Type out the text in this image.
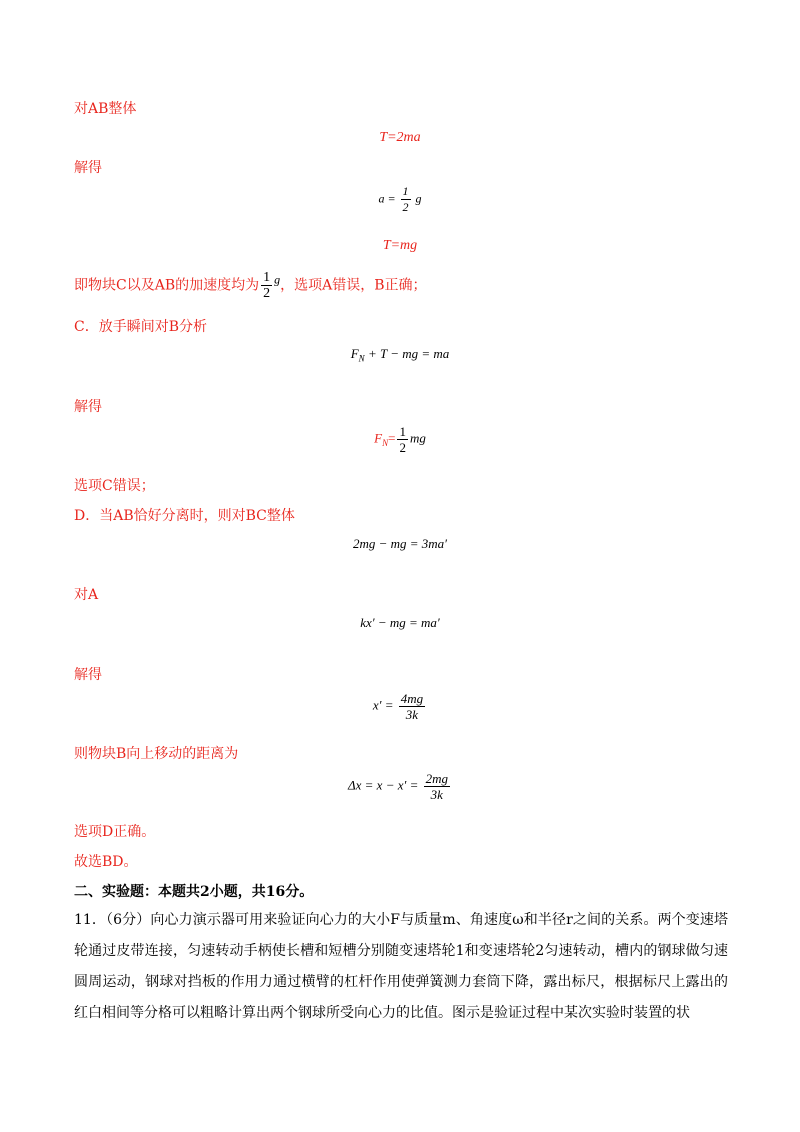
对AB整体
T=2ma
解得
$a = \frac{1}{2}$ g
T=mg
即物块C以及AB的加速度均为 $\frac{1}{2}$ g，选项A错误，B正确；
C．放手瞬间对B分析
$F_N + T$ − mg = ma
解得
$F_N= \frac{1}{2}$ mg
选项C错误；
D．当AB恰好分离时，则对BC整体
2mg − mg = 3ma′
对A
kx′ − mg = ma′
解得
$x' = \frac{4mg}{3k}$
则物块B向上移动的距离为
$\Delta x = x - x' = \frac{2mg}{3k}$
选项D正确。
故选BD。
二、实验题：本题共2小题，共16分。
11．（6分）向心力演示器可用来验证向心力的大小F与质量m、角速度ω和半径r之间的关系。两个变速塔轮通过皮带连接，匀速转动手柄使长槽和短槽分别随变速塔轮1和变速塔轮2匀速转动，槽内的钢球做匀速圆周运动，钢球对挡板的作用力通过横臂的杠杆作用使弹簧测力套筒下降，露出标尺，根据标尺上露出的红白相间等分格可以粗略计算出两个钢球所受向心力的比值。图示是验证过程中某次实验时装置的状
